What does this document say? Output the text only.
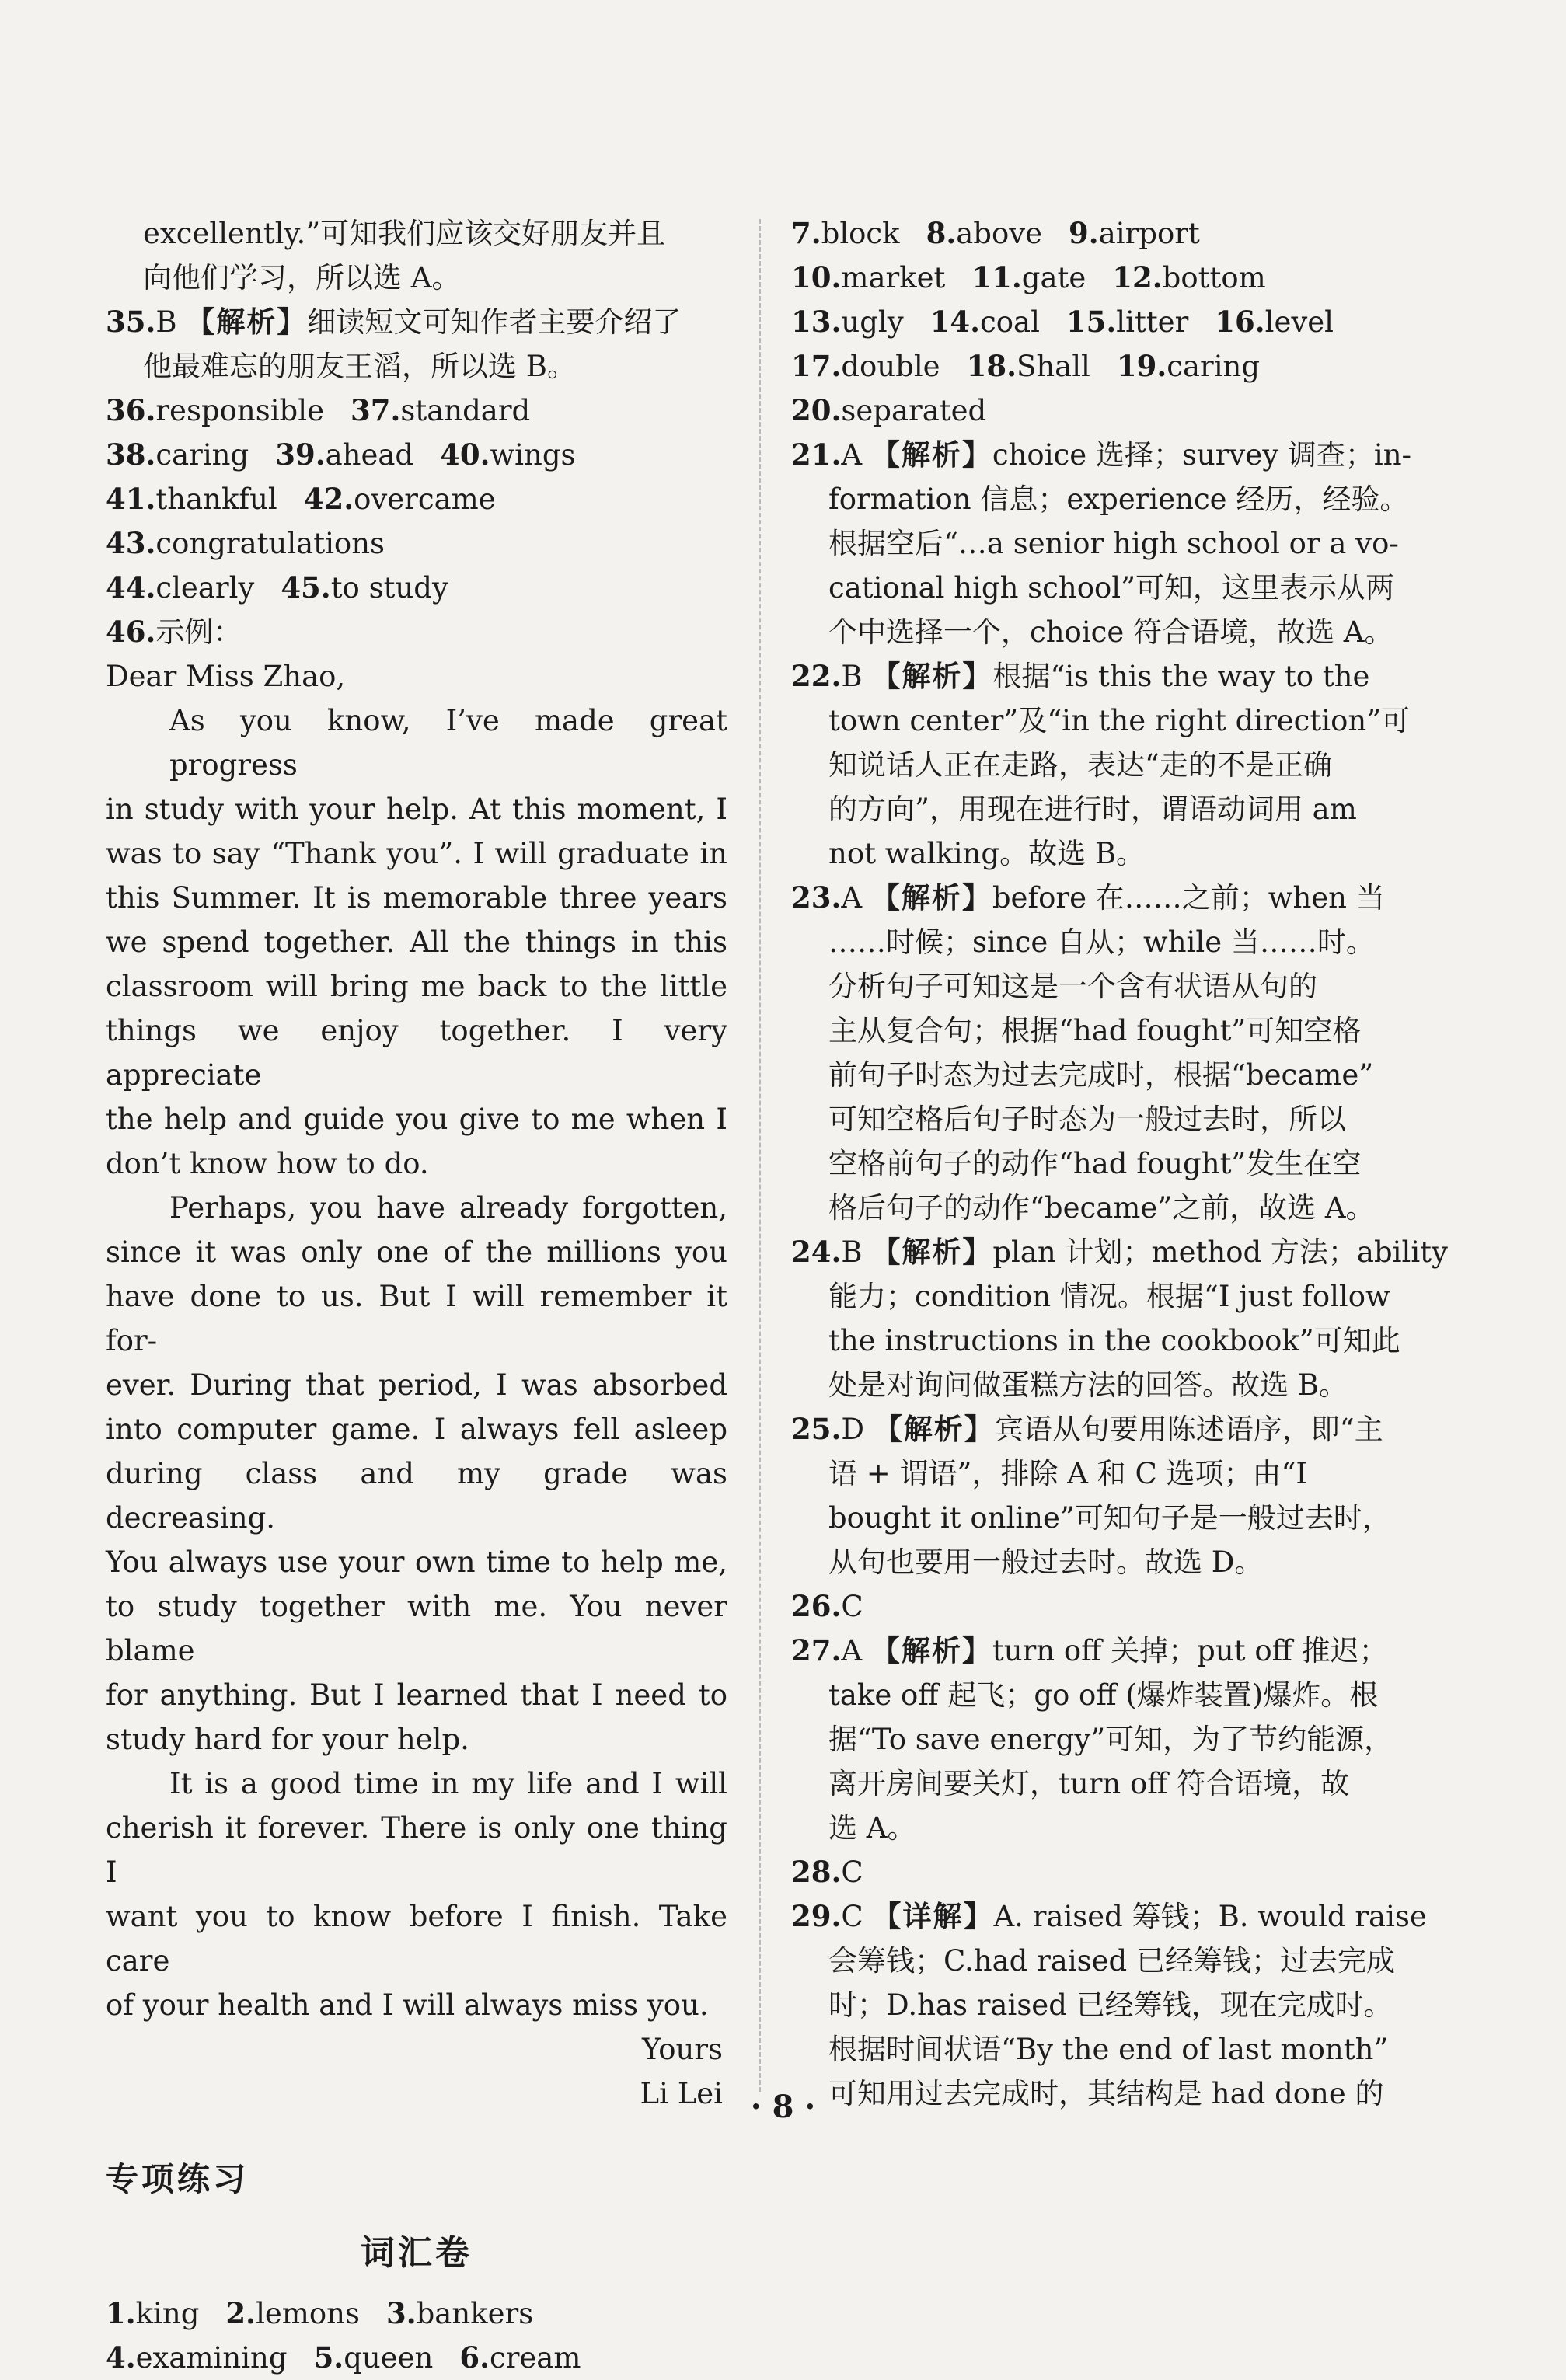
excellently.”可知我们应该交好朋友并且
向他们学习，所以选 A。
35.B 【解析】细读短文可知作者主要介绍了
他最难忘的朋友王滔，所以选 B。
36.responsible 37.standard
38.caring 39.ahead 40.wings
41.thankful 42.overcame
43.congratulations
44.clearly 45.to study
46.示例：
Dear Miss Zhao,
As you know, I’ve made great progress
in study with your help. At this moment, I
was to say “Thank you”. I will graduate in
this Summer. It is memorable three years
we spend together. All the things in this
classroom will bring me back to the little
things we enjoy together. I very appreciate
the help and guide you give to me when I
don’t know how to do.
Perhaps, you have already forgotten,
since it was only one of the millions you
have done to us. But I will remember it for-
ever. During that period, I was absorbed
into computer game. I always fell asleep
during class and my grade was decreasing.
You always use your own time to help me,
to study together with me. You never blame
for anything. But I learned that I need to
study hard for your help.
It is a good time in my life and I will
cherish it forever. There is only one thing I
want you to know before I finish. Take care
of your health and I will always miss you.
Yours
Li Lei
专项练习
词汇卷
1.king 2.lemons 3.bankers
4.examining 5.queen 6.cream
7.block 8.above 9.airport
10.market 11.gate 12.bottom
13.ugly 14.coal 15.litter 16.level
17.double 18.Shall 19.caring
20.separated
21.A 【解析】choice 选择；survey 调查；in-
formation 信息；experience 经历，经验。
根据空后“…a senior high school or a vo-
cational high school”可知，这里表示从两
个中选择一个，choice 符合语境，故选 A。
22.B 【解析】根据“is this the way to the
town center”及“in the right direction”可
知说话人正在走路，表达“走的不是正确
的方向”，用现在进行时，谓语动词用 am
not walking。故选 B。
23.A 【解析】before 在……之前；when 当
……时候；since 自从；while 当……时。
分析句子可知这是一个含有状语从句的
主从复合句；根据“had fought”可知空格
前句子时态为过去完成时，根据“became”
可知空格后句子时态为一般过去时，所以
空格前句子的动作“had fought”发生在空
格后句子的动作“became”之前，故选 A。
24.B 【解析】plan 计划；method 方法；ability
能力；condition 情况。根据“I just follow
the instructions in the cookbook”可知此
处是对询问做蛋糕方法的回答。故选 B。
25.D 【解析】宾语从句要用陈述语序，即“主
语 + 谓语”，排除 A 和 C 选项；由“I
bought it online”可知句子是一般过去时，
从句也要用一般过去时。故选 D。
26.C
27.A 【解析】turn off 关掉；put off 推迟；
take off 起飞；go off (爆炸装置)爆炸。根
据“To save energy”可知，为了节约能源，
离开房间要关灯，turn off 符合语境，故
选 A。
28.C
29.C 【详解】A. raised 筹钱；B. would raise
会筹钱；C.had raised 已经筹钱；过去完成
时；D.has raised 已经筹钱，现在完成时。
根据时间状语“By the end of last month”
可知用过去完成时，其结构是 had done 的
· 8 ·
